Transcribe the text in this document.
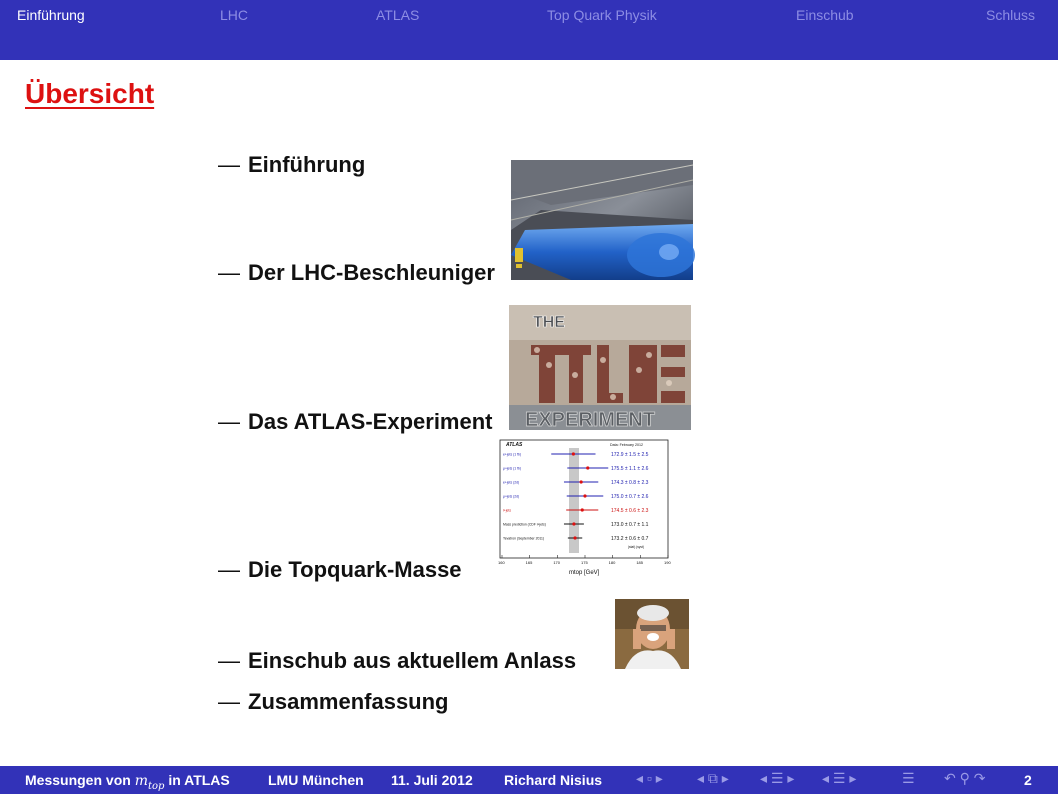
Einführung	LHC	ATLAS	Top Quark Physik	Einschub	Schluss
Übersicht
— Einführung
— Der LHC-Beschleuniger
— Das ATLAS-Experiment
— Die Topquark-Masse
— Einschub aus aktuellem Anlass
— Zusammenfassung
THE
EXPERIMENT
ATLAS	Data: February 2012
e+jets (1 fb)	172.9 ± 1.5 ± 2.5
μ+jets (1 fb)	175.5 ± 1.1 ± 2.6
e+jets (2d)	174.3 ± 0.8 ± 2.3
μ+jets (2d)	175.0 ± 0.7 ± 2.6
l+jets	174.5 ± 0.6 ± 2.3
Mass prediction (CDF l+jets)	173.0 ± 0.7 ± 1.1
Tevatron (September 2011)	173.2 ± 0.6 ± 0.7
(stat) (syst)
160	165	170	175	180	185	190
mtop [GeV]
Messungen von $m_{top}$ in ATLAS	LMU München 11. Juli 2012 Richard Nisius ◂ ▫ ▸ ◂ ⧉ ▸ ◂ ☰ ▸ ◂ ☰ ▸	☰ ↶ ⚲ ↷	2
